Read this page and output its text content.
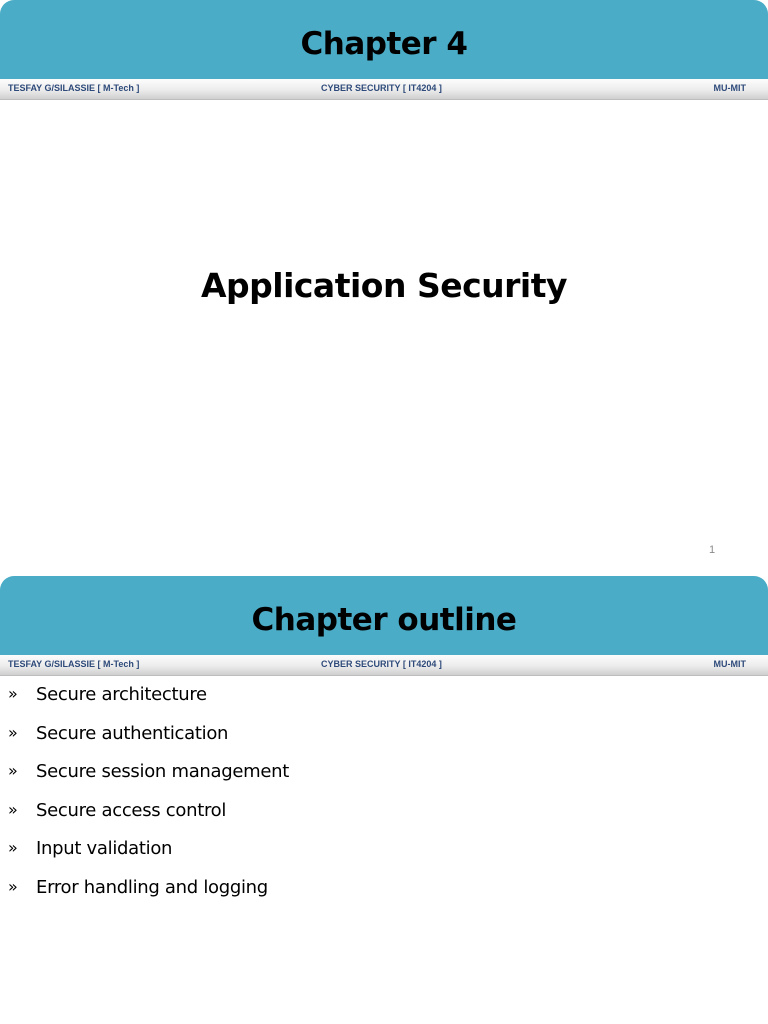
Chapter 4
TESFAY G/SILASSIE [ M-Tech ]	CYBER SECURITY [ IT4204 ]	MU-MIT
Application Security
1
Chapter outline
TESFAY G/SILASSIE [ M-Tech ]	CYBER SECURITY [ IT4204 ]	MU-MIT
» Secure architecture
» Secure authentication
» Secure session management
» Secure access control
» Input validation
» Error handling and logging
